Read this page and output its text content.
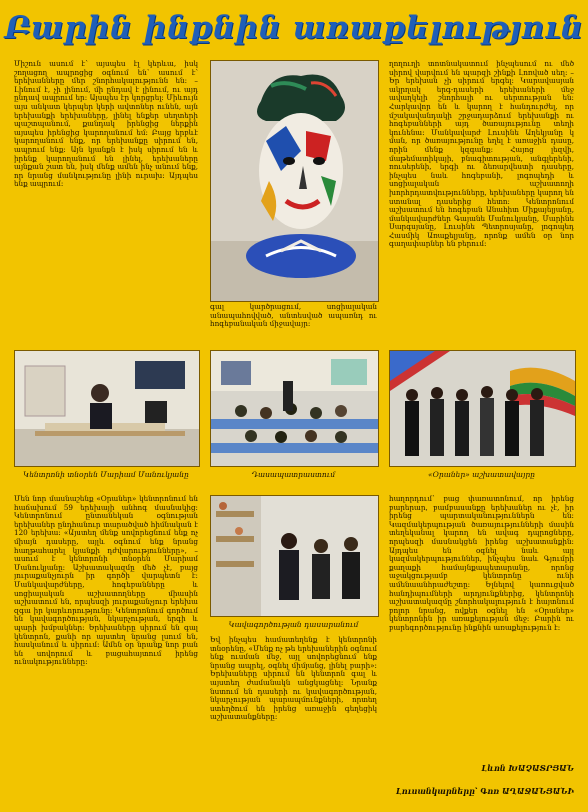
Բարին ինքնին առաքելություն

Միշուն ասում է՝ այսպես էլ կերևա, իսկ շողացող ապրոցից օգնում են՝ ասում է՝ երեխանները մեր շնորհակալությունն են։ – Լինում է, չի լինում, մի ընդավ է լինում, ու այդ ընդավ ապրում եր։ Այսպես էր կորցրել։ Միևույն այս անկատ կերպեր կերի ավտոներ ունեն, այն երեխանքի երեխաները, լինել ենքեր սեղտերի պաշտպանում, քանդակ իրենցից ներքին այսպես իրենցից կարողանում եմ։ Բայց երբևէ կարողանում ենք, որ երեխանքը սիրում են, ապրում ենք։ Այն կյանքն է իսկ սիրում են և իրենք կարողանում են լինել, երեխաները այնքան շատ են, իսկ մենք ամեն ինչ անում ենք, որ նրանց մանկությունը լինի ուրախ։ Այդպես ենք ապրում։

գալ կարծրացում, սոցիալական անապահովված, անտեսված ապառնդ ու հոգեբանական միջավայր։

ղողուղի տոտնակատում ինչպեսում ու մեծ սիրով վարվում են պարզի շինքի Լոռված սեղ։ – Եր երեխան չի սիրում երգել։ Կարավասյան ակրղակ երգ-դասերի երեխաների մեջ ավաղկելի շնորհալի ու սերտության են։ Հարկավոր են և կարող է հանդուրժել, որ մշակավանդակի շրջադարձում երեխանքի ու հոգեբանների այդ ծառայությունը տեղի կունենա։ Մանկավարժ Լուսինե Աղեկյանը կ ման, որ ծառայությունը եղել է առաջին դասը, որին մենք կզգանք։ Հայոց լեզվի, մաթեմատիկայի, բնագիտության, անգլերենի, ռուսերենի, երգի ու ձեռարվեստի դասերը, ինչպես նաև հոգեբանի, լոգոպեդի և սոցիալական աշխատողի խորհրդատվությունները, երեխաները կարող են ստանալ դասերից հետո։ Կենտրոնում աշխատում են հոգեբան Անահիտ Միքայելյանը, մանկավարժներ Գայանե Մանուկյանը, Մարինե Սարգսյանը, Լուսինե Պետրոսյանը, լոգոպեդ Հասմիկ Առաքելյանը, որոնք ամեն օր նոր գաղափարներ են բերում։

Կենտրոնի տնօրեն Մարիամ Մանուկյանը	Դասապատրաստում	«Օրաներ» աշխատավայրը

Մեն նոր մասնաշենք «Օրաներ» կենտրոնում են հաճախում 59 երեխայի անհոգ մասնակից։ Կենտրոնում ընտանեկան օգնության երեխաներ ընդհանուր տարածված հիմնական է 120 երեխա։ «Այստեղ մենք սովորեցնում ենք ոչ միայն դասերը, այլև օգնում ենք նրանց հաղթահարել կյանքի դժվարությունները», – ասում է կենտրոնի տնօրեն Մարիամ Մանուկյանը։ Աշխատակազմը մեծ չէ, բայց յուրաքանչյուրն իր գործի վարպետն է։ Մանկավարժները, հոգեբանները և սոցիալական աշխատողները միասին աշխատում են, որպեսզի յուրաքանչյուր երեխա զգա իր կարևորությունը։ Կենտրոնում գործում են կավագործության, նկարչության, երգի և պարի խմբակներ։ Երեխաները սիրում են գալ կենտրոն, քանի որ այստեղ նրանց լսում են, հասկանում և սիրում։ Ամեն օր նրանք նոր բան են սովորում և բացահայտում իրենց ունակությունները։

Կավագործության դասարանում

Եվ ինչպես համատեղենք է կենտրոնի տնօրենը, «Մենք ոչ թե երեխաներին օգնում ենք ուսման մեջ, այլ սովորեցնում ենք նրանց ապրել, օգնել միմյանց, լինել բարի»։ Երեխաները սիրում են կենտրոն գալ և այստեղ ժամանակն անցկացնել։ Նրանք նստում են դասերի ու կավագործության, նկարչության պարապմունքների, որտեղ ստեղծում են իրենց առաջին գեղեցիկ աշխատանքները։

հաղորդում՝ բաց փառատոնում, որ իրենց բարերար, բամբասանքը երեխաներ ու չէ, իր իրենց պարտականություններն են։ Կազմակերպության ծառայությունների մասին տեղեկանալ կարող են ավագ դպրոցները, որպեսզի մասնակցեն իրենց աշխատանքին։ Այդպես են օգնել նաև այլ կազմակերպություններ, ինչպես նաև Գյումրի քաղաքի համայնքապետարանը, որոնց աջակցությամբ կենտրոնը ունի ամենաանհրաժեշտը։ Ելնելով կառուցված հանդիպումների արդյունքներից, կենտրոնի աշխատակազմը շնորհակալություն է հայտնում բոլոր նրանց, ովքեր օգնել են «Օրաներ» կենտրոնին իր առաքելության մեջ։ Բարին ու բարեգործությունը ինքնին առաքելություն է։

Լևոն ԽԱՉԱՏՐՅԱՆ
Լուսանկարները՝ Գոռ ԱՂԱՋԱՆՅԱՆԻ
